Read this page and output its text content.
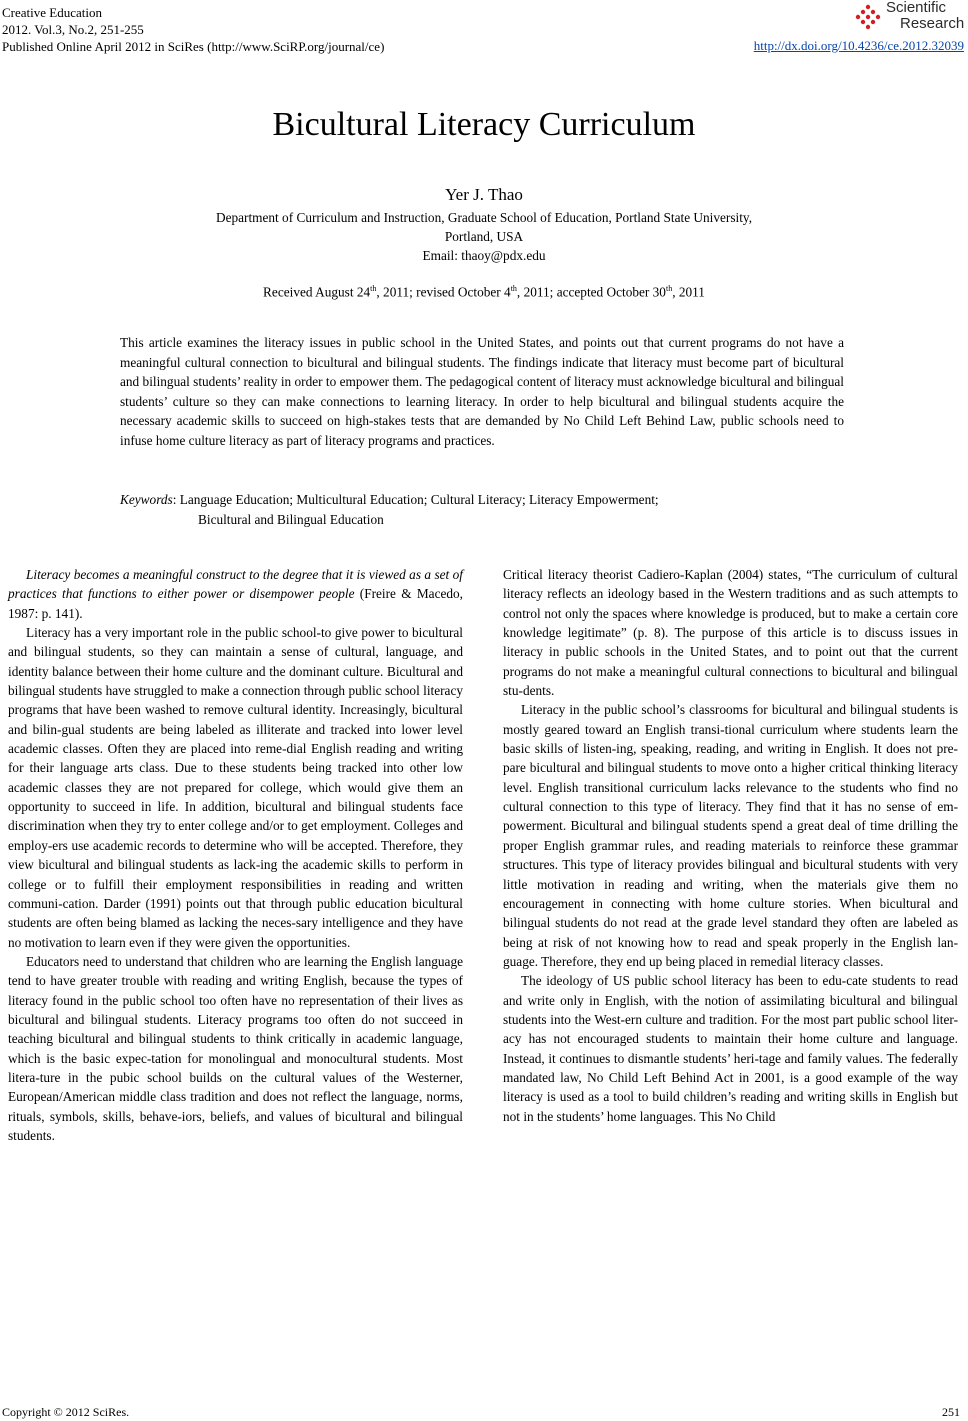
Creative Education
2012. Vol.3, No.2, 251-255
Published Online April 2012 in SciRes (http://www.SciRP.org/journal/ce)
Scientific
Research
http://dx.doi.org/10.4236/ce.2012.32039
Bicultural Literacy Curriculum
Yer J. Thao
Department of Curriculum and Instruction, Graduate School of Education, Portland State University,
Portland, USA
Email: thaoy@pdx.edu
Received August 24th, 2011; revised October 4th, 2011; accepted October 30th, 2011
This article examines the literacy issues in public school in the United States, and points out that current programs do not have a meaningful cultural connection to bicultural and bilingual students. The findings indicate that literacy must become part of bicultural and bilingual students’ reality in order to empower them. The pedagogical content of literacy must acknowledge bicultural and bilingual students’ culture so they can make connections to learning literacy. In order to help bicultural and bilingual students acquire the necessary academic skills to succeed on high-stakes tests that are demanded by No Child Left Behind Law, public schools need to infuse home culture literacy as part of literacy programs and practices.
Keywords: Language Education; Multicultural Education; Cultural Literacy; Literacy Empowerment;
Bicultural and Bilingual Education

Literacy becomes a meaningful construct to the degree that it is viewed as a set of practices that functions to either power or disempower people (Freire & Macedo, 1987: p. 141).

Literacy has a very important role in the public school-to give power to bicultural and bilingual students, so they can maintain a sense of cultural, language, and identity balance between their home culture and the dominant culture. Bicultural and bilingual students have struggled to make a connection through public school literacy programs that have been washed to remove cultural identity. Increasingly, bicultural and bilin-gual students are being labeled as illiterate and tracked into lower level academic classes. Often they are placed into reme-dial English reading and writing for their language arts class. Due to these students being tracked into other low academic classes they are not prepared for college, which would give them an opportunity to succeed in life. In addition, bicultural and bilingual students face discrimination when they try to enter college and/or to get employment. Colleges and employ-ers use academic records to determine who will be accepted. Therefore, they view bicultural and bilingual students as lack-ing the academic skills to perform in college or to fulfill their employment responsibilities in reading and written communi-cation. Darder (1991) points out that through public education bicultural students are often being blamed as lacking the neces-sary intelligence and they have no motivation to learn even if they were given the opportunities.

Educators need to understand that children who are learning the English language tend to have greater trouble with reading and writing English, because the types of literacy found in the public school too often have no representation of their lives as bicultural and bilingual students. Literacy programs too often do not succeed in teaching bicultural and bilingual students to think critically in academic language, which is the basic expec-tation for monolingual and monocultural students. Most litera-ture in the pubic school builds on the cultural values of the Westerner, European/American middle class tradition and does not reflect the language, norms, rituals, symbols, skills, behave-iors, beliefs, and values of bicultural and bilingual students.

Critical literacy theorist Cadiero-Kaplan (2004) states, “The curriculum of cultural literacy reflects an ideology based in the Western traditions and as such attempts to control not only the spaces where knowledge is produced, but to make a certain core knowledge legitimate” (p. 8). The purpose of this article is to discuss issues in literacy in public schools in the United States, and to point out that the current programs do not make a meaningful cultural connections to bicultural and bilingual stu-dents.

Literacy in the public school’s classrooms for bicultural and bilingual students is mostly geared toward an English transi-tional curriculum where students learn the basic skills of listen-ing, speaking, reading, and writing in English. It does not pre-pare bicultural and bilingual students to move onto a higher critical thinking literacy level. English transitional curriculum lacks relevance to the students who find no cultural connection to this type of literacy. They find that it has no sense of em-powerment. Bicultural and bilingual students spend a great deal of time drilling the proper English grammar rules, and reading materials to reinforce these grammar structures. This type of literacy provides bilingual and bicultural students with very little motivation in reading and writing, when the materials give them no encouragement in connecting with home culture stories. When bicultural and bilingual students do not read at the grade level standard they often are labeled as being at risk of not knowing how to read and speak properly in the English lan-guage. Therefore, they end up being placed in remedial literacy classes.

The ideology of US public school literacy has been to edu-cate students to read and write only in English, with the notion of assimilating bicultural and bilingual students into the West-ern culture and tradition. For the most part public school liter-acy has not encouraged students to maintain their home culture and language. Instead, it continues to dismantle students’ heri-tage and family values. The federally mandated law, No Child Left Behind Act in 2001, is a good example of the way literacy is used as a tool to build children’s reading and writing skills in English but not in the students’ home languages. This No Child

Copyright © 2012 SciRes.	251
